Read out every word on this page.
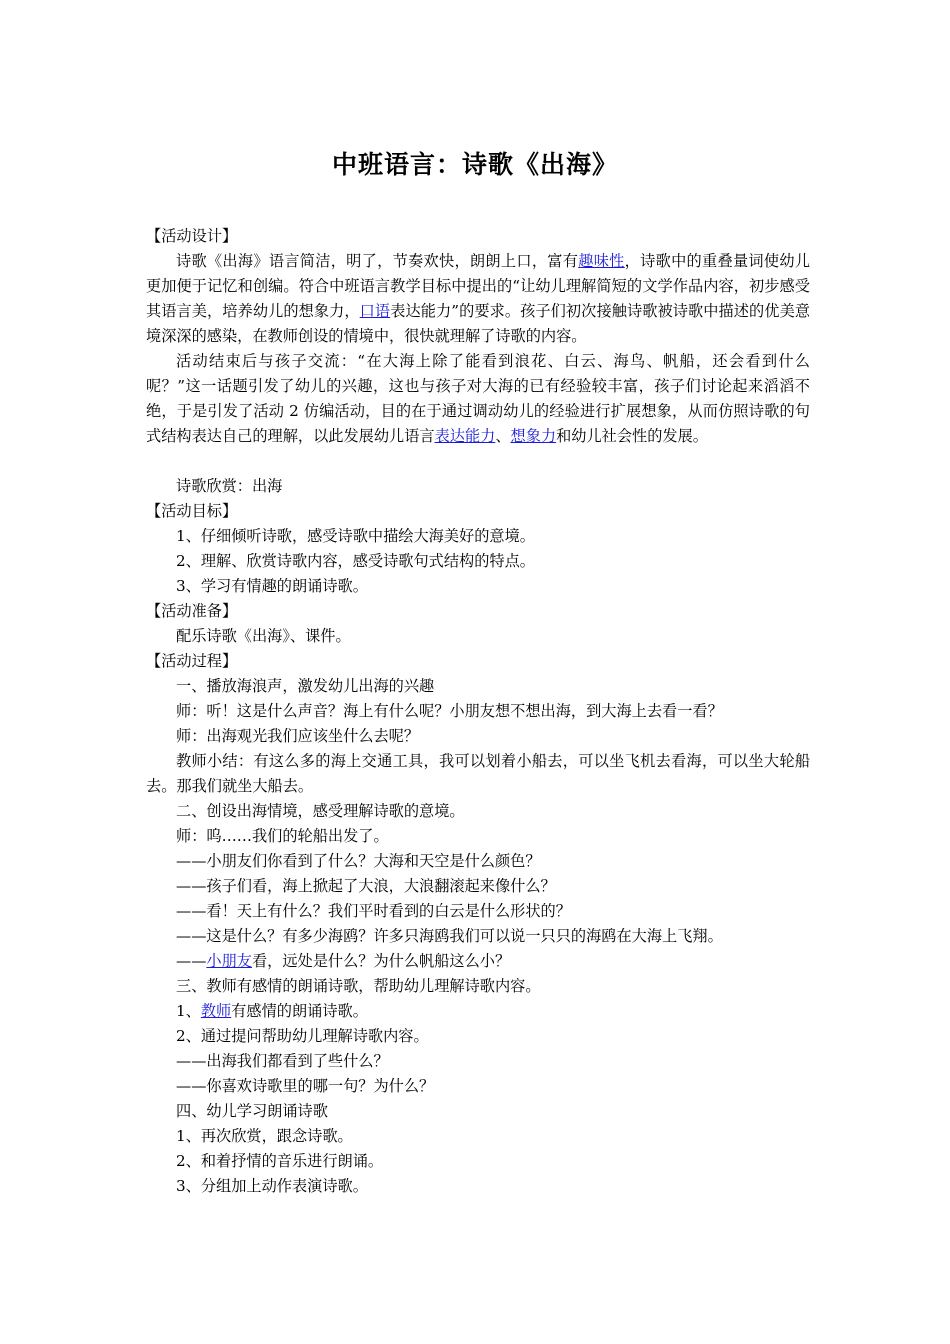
中班语言：诗歌《出海》

【活动设计】

诗歌《出海》语言简洁，明了，节奏欢快，朗朗上口，富有趣味性，诗歌中的重叠量词使幼儿更加便于记忆和创编。符合中班语言教学目标中提出的“让幼儿理解简短的文学作品内容，初步感受其语言美，培养幼儿的想象力，口语表达能力”的要求。孩子们初次接触诗歌被诗歌中描述的优美意境深深的感染，在教师创设的情境中，很快就理解了诗歌的内容。

活动结束后与孩子交流：“在大海上除了能看到浪花、白云、海鸟、帆船，还会看到什么呢？”这一话题引发了幼儿的兴趣，这也与孩子对大海的已有经验较丰富，孩子们讨论起来滔滔不绝，于是引发了活动 2 仿编活动，目的在于通过调动幼儿的经验进行扩展想象，从而仿照诗歌的句式结构表达自己的理解，以此发展幼儿语言表达能力、想象力和幼儿社会性的发展。

诗歌欣赏：出海

【活动目标】

1、仔细倾听诗歌，感受诗歌中描绘大海美好的意境。

2、理解、欣赏诗歌内容，感受诗歌句式结构的特点。

3、学习有情趣的朗诵诗歌。

【活动准备】

配乐诗歌《出海》、课件。

【活动过程】

一、播放海浪声，激发幼儿出海的兴趣

师：听！这是什么声音？海上有什么呢？小朋友想不想出海，到大海上去看一看？

师：出海观光我们应该坐什么去呢？

教师小结：有这么多的海上交通工具，我可以划着小船去，可以坐飞机去看海，可以坐大轮船去。那我们就坐大船去。

二、创设出海情境，感受理解诗歌的意境。

师：呜……我们的轮船出发了。

——小朋友们你看到了什么？大海和天空是什么颜色？

——孩子们看，海上掀起了大浪，大浪翻滚起来像什么？

——看！天上有什么？我们平时看到的白云是什么形状的？

——这是什么？有多少海鸥？许多只海鸥我们可以说一只只的海鸥在大海上飞翔。

——小朋友看，远处是什么？为什么帆船这么小？

三、教师有感情的朗诵诗歌，帮助幼儿理解诗歌内容。

1、教师有感情的朗诵诗歌。

2、通过提问帮助幼儿理解诗歌内容。

——出海我们都看到了些什么？

——你喜欢诗歌里的哪一句？为什么？

四、幼儿学习朗诵诗歌

1、再次欣赏，跟念诗歌。

2、和着抒情的音乐进行朗诵。

3、分组加上动作表演诗歌。
